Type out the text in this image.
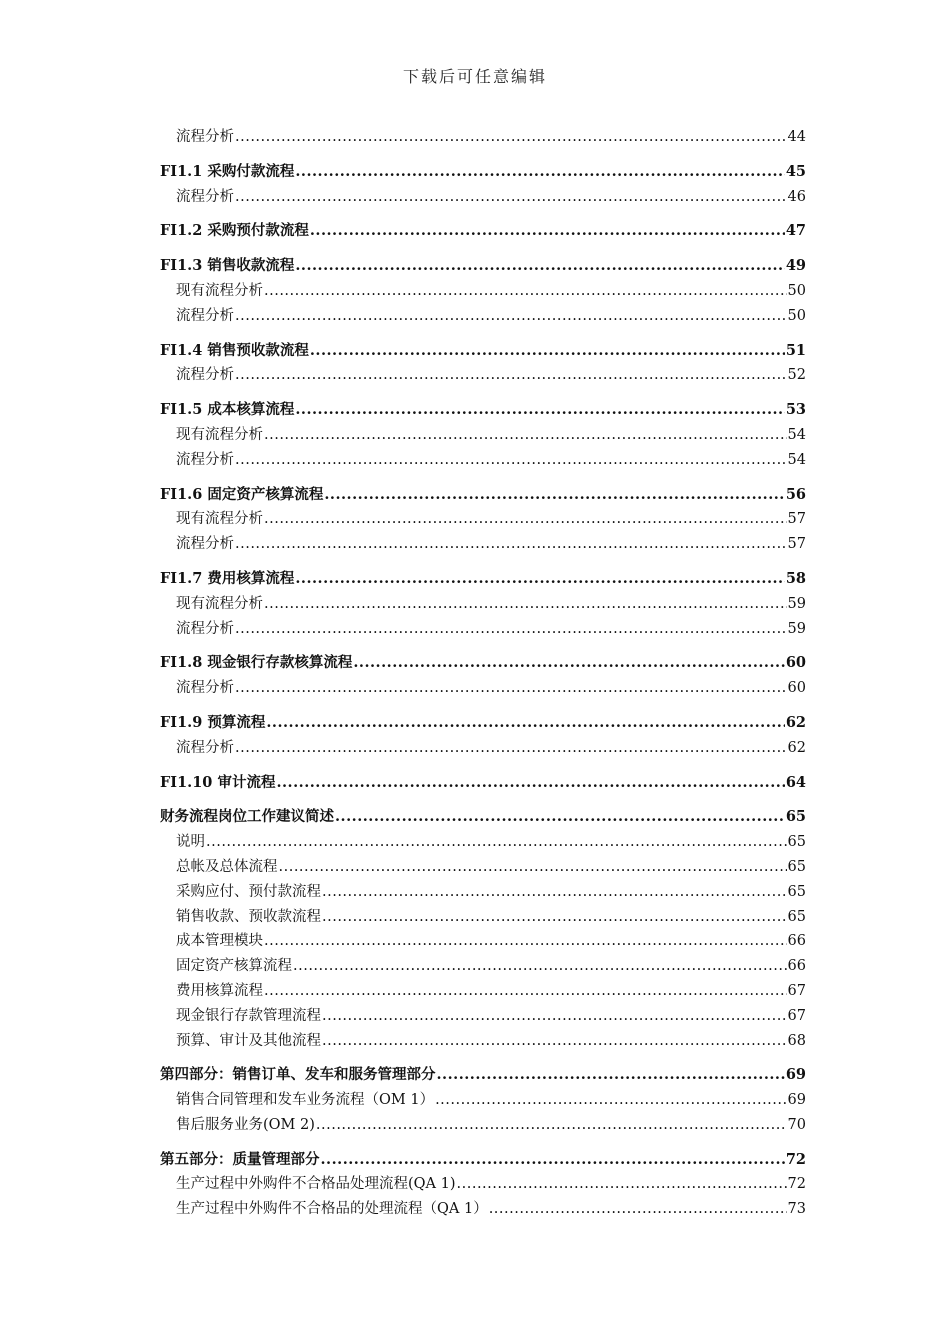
下载后可任意编辑
流程分析 .....	44
FI1.1 采购付款流程 .....	45
流程分析 .....	46
FI1.2 采购预付款流程 .....	47
FI1.3 销售收款流程 .....	49
现有流程分析 .....	50
流程分析 .....	50
FI1.4 销售预收款流程 .....	51
流程分析 .....	52
FI1.5 成本核算流程 .....	53
现有流程分析 .....	54
流程分析 .....	54
FI1.6 固定资产核算流程 .....	56
现有流程分析 .....	57
流程分析 .....	57
FI1.7 费用核算流程 .....	58
现有流程分析 .....	59
流程分析 .....	59
FI1.8 现金银行存款核算流程 .....	60
流程分析 .....	60
FI1.9 预算流程 .....	62
流程分析 .....	62
FI1.10 审计流程 .....	64
财务流程岗位工作建议简述 .....	65
说明 .....	65
总帐及总体流程 .....	65
采购应付、预付款流程 .....	65
销售收款、预收款流程 .....	65
成本管理模块 .....	66
固定资产核算流程 .....	66
费用核算流程 .....	67
现金银行存款管理流程 .....	67
预算、审计及其他流程 .....	68
第四部分：销售订单、发车和服务管理部分 .....	69
销售合同管理和发车业务流程（OM 1） .....	69
售后服务业务(OM 2) .....	70
第五部分：质量管理部分 .....	72
生产过程中外购件不合格品处理流程(QA 1) .....	72
生产过程中外购件不合格品的处理流程（QA 1） .....	73
